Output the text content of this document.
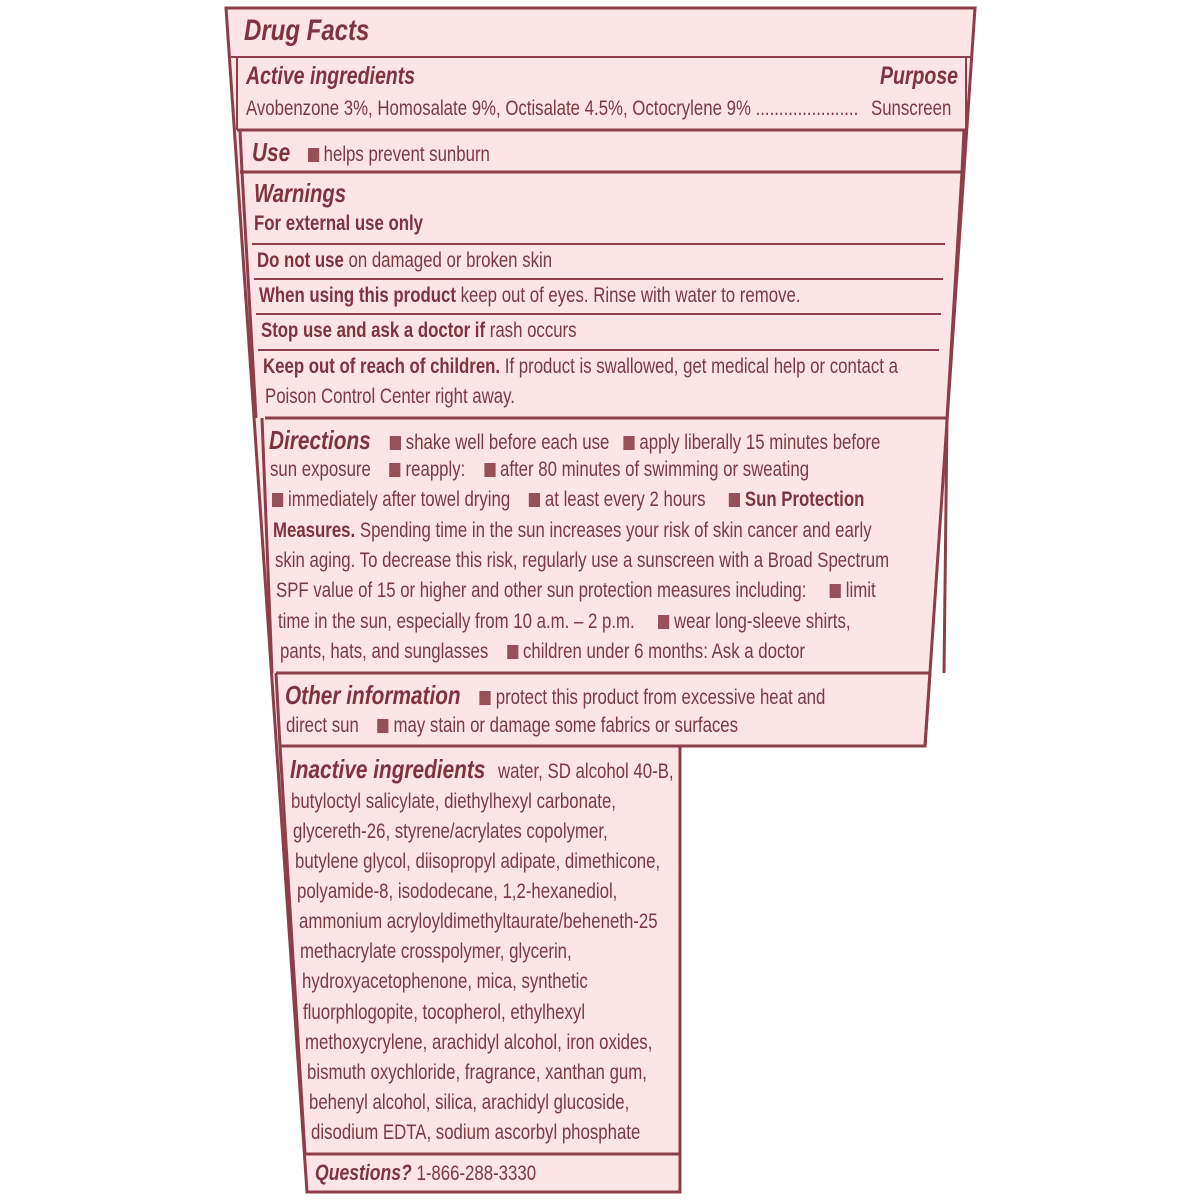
Drug Facts
Active ingredients	Purpose
Avobenzone 3%, Homosalate 9%, Octisalate 4.5%, Octocrylene 9% ...................... Sunscreen
Use helps prevent sunburn
Warnings
For external use only
Do not use on damaged or broken skin
When using this product keep out of eyes. Rinse with water to remove.
Stop use and ask a doctor if rash occurs
Keep out of reach of children. If product is swallowed, get medical help or contact a
Poison Control Center right away.
Directions shake well before each use apply liberally 15 minutes before
sun exposure reapply: after 80 minutes of swimming or sweating
immediately after towel drying at least every 2 hours Sun Protection
Measures. Spending time in the sun increases your risk of skin cancer and early
skin aging. To decrease this risk, regularly use a sunscreen with a Broad Spectrum
SPF value of 15 or higher and other sun protection measures including: limit
time in the sun, especially from 10 a.m. – 2 p.m. wear long-sleeve shirts,
pants, hats, and sunglasses children under 6 months: Ask a doctor
Other information protect this product from excessive heat and
direct sun may stain or damage some fabrics or surfaces
Inactive ingredients water, SD alcohol 40-B,
butyloctyl salicylate, diethylhexyl carbonate,
glycereth-26, styrene/acrylates copolymer,
butylene glycol, diisopropyl adipate, dimethicone,
polyamide-8, isododecane, 1,2-hexanediol,
ammonium acryloyldimethyltaurate/beheneth-25
methacrylate crosspolymer, glycerin,
hydroxyacetophenone, mica, synthetic
fluorphlogopite, tocopherol, ethylhexyl
methoxycrylene, arachidyl alcohol, iron oxides,
bismuth oxychloride, fragrance, xanthan gum,
behenyl alcohol, silica, arachidyl glucoside,
disodium EDTA, sodium ascorbyl phosphate
Questions? 1-866-288-3330
